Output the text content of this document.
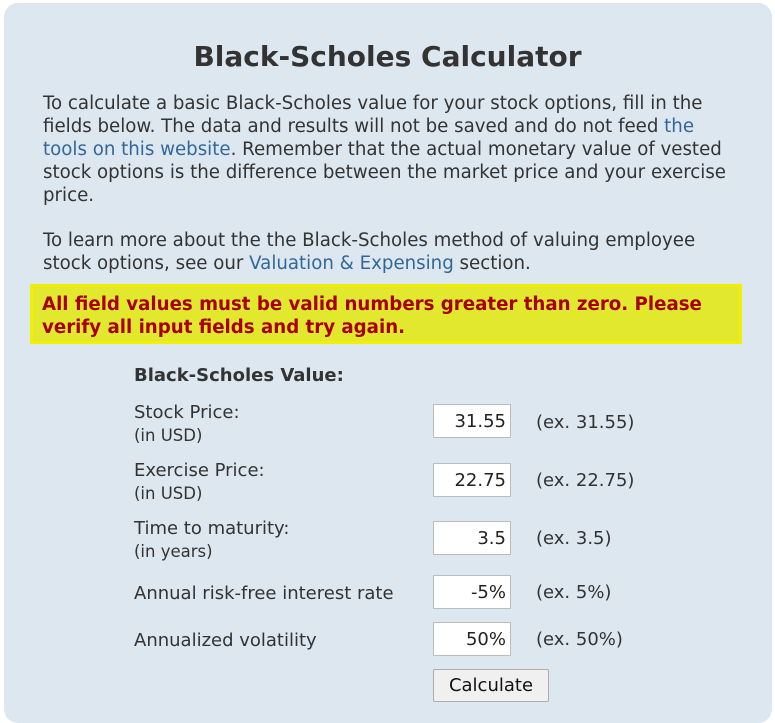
Black-Scholes Calculator

To calculate a basic Black-Scholes value for your stock options, fill in the fields below. The data and results will not be saved and do not feed the tools on this website. Remember that the actual monetary value of vested stock options is the difference between the market price and your exercise price.

To learn more about the the Black-Scholes method of valuing employee stock options, see our Valuation & Expensing section.

All field values must be valid numbers greater than zero. Please verify all input fields and try again.
Black-Scholes Value:
Stock Price:
(in USD)
31.55
(ex. 31.55)
Exercise Price:
(in USD)
22.75
(ex. 22.75)
Time to maturity:
(in years)
3.5
(ex. 3.5)
Annual risk-free interest rate
-5%	(ex. 5%)
Annualized volatility
50%	(ex. 50%)
Calculate
